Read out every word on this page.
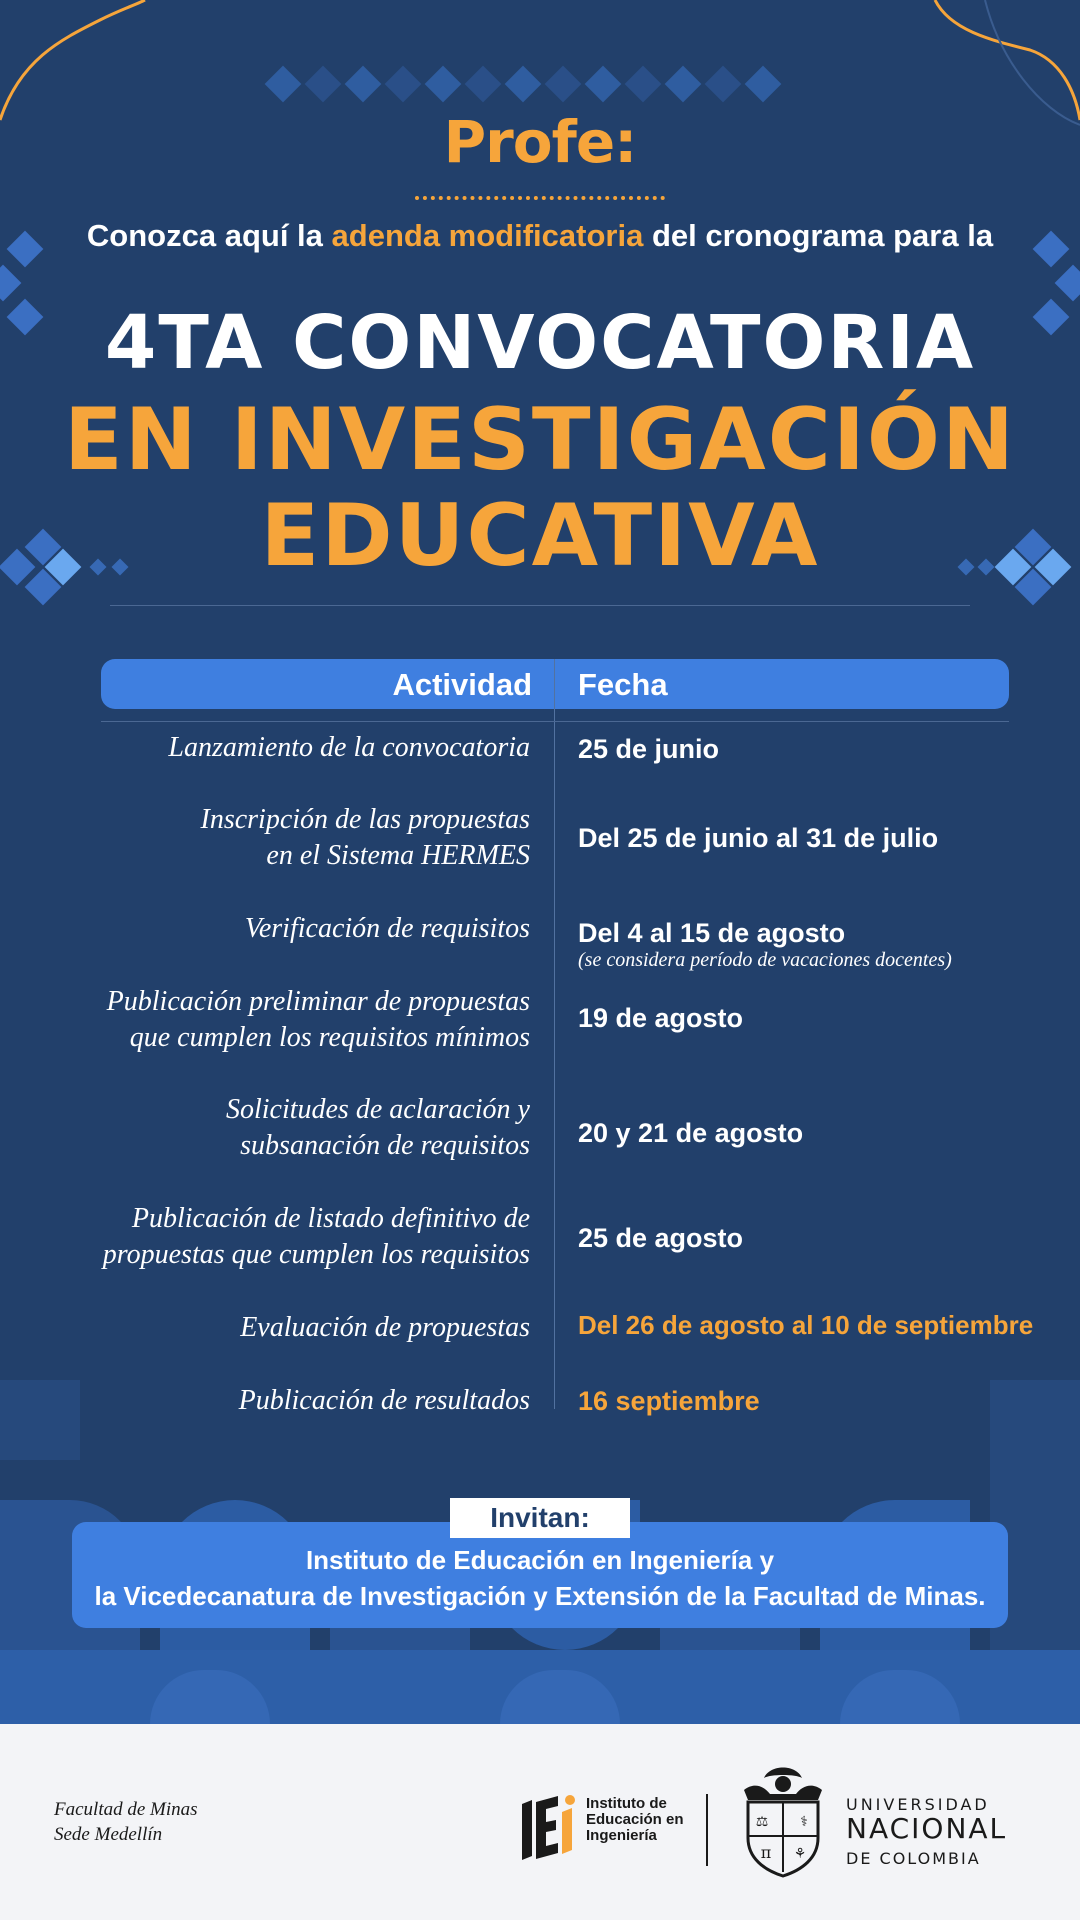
Profe:
Conozca aquí la adenda modificatoria del cronograma para la
4TA CONVOCATORIA
EN INVESTIGACIÓN
EDUCATIVA
Actividad Fecha
Lanzamiento de la convocatoria 25 de junio
Inscripción de las propuestas
en el Sistema HERMES
Del 25 de junio al 31 de julio
Verificación de requisitos Del 4 al 15 de agosto
(se considera período de vacaciones docentes)
Publicación preliminar de propuestas
que cumplen los requisitos mínimos
19 de agosto
Solicitudes de aclaración y
subsanación de requisitos 20 y 21 de agosto
Publicación de listado definitivo de
propuestas que cumplen los requisitos
25 de agosto
Evaluación de propuestas Del 26 de agosto al 10 de septiembre
Publicación de resultados 16 septiembre
Invitan:
Instituto de Educación en Ingeniería y
la Vicedecanatura de Investigación y Extensión de la Facultad de Minas.
Facultad de Minas
Sede Medellín
Instituto de
Educación en
Ingeniería
⚖ ⚕
π ⚘
UNIVERSIDAD
NACIONAL
DE COLOMBIA
